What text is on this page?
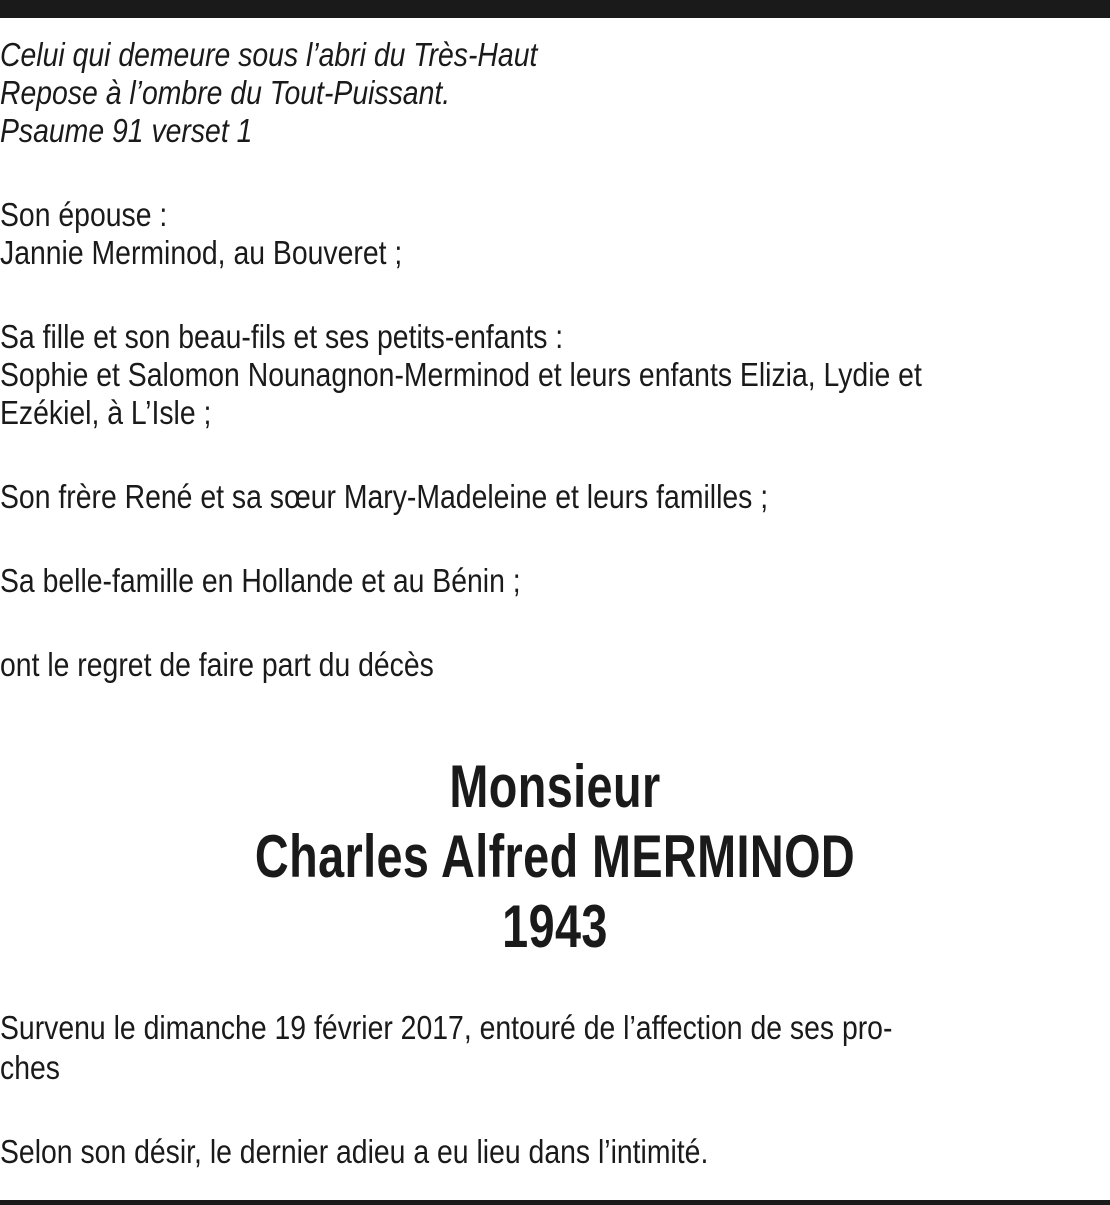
Celui qui demeure sous l’abri du Très-Haut
Repose à l’ombre du Tout-Puissant.
Psaume 91 verset 1
Son épouse :
Jannie Merminod, au Bouveret ;
Sa fille et son beau-fils et ses petits-enfants :
Sophie et Salomon Nounagnon-Merminod et leurs enfants Elizia, Lydie et
Ezékiel, à L’Isle ;
Son frère René et sa sœur Mary-Madeleine et leurs familles ;
Sa belle-famille en Hollande et au Bénin ;
ont le regret de faire part du décès
Monsieur
Charles Alfred MERMINOD
1943
Survenu le dimanche 19 février 2017, entouré de l’affection de ses pro-
ches
Selon son désir, le dernier adieu a eu lieu dans l’intimité.
